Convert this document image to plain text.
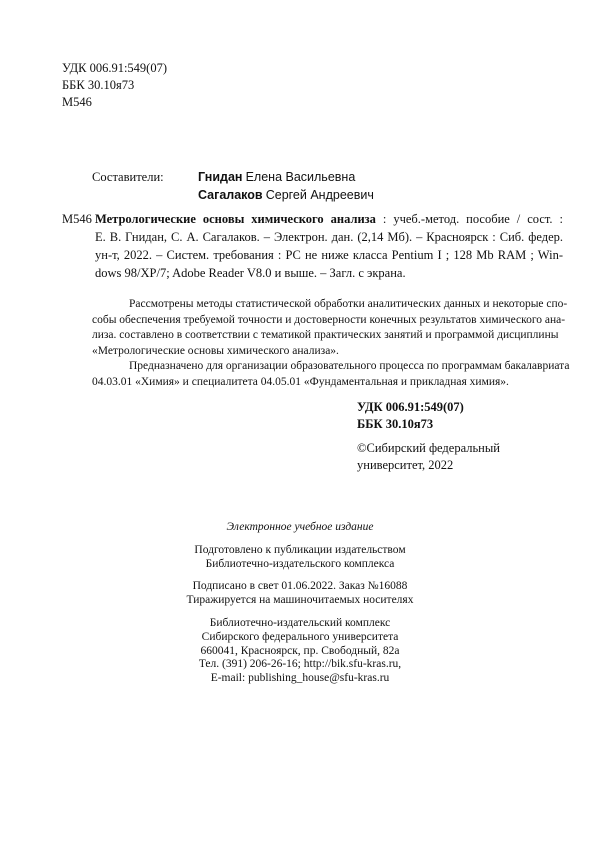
УДК 006.91:549(07)
ББК 30.10я73
М546
Составители:	Гнидан Елена Васильевна
Сагалаков Сергей Андреевич
М546 Метрологические основы химического анализа : учеб.-метод. пособие / сост. :
Е. В. Гнидан, С. А. Сагалаков. – Электрон. дан. (2,14 Мб). – Красноярск : Сиб. федер.
ун-т, 2022. – Систем. требования : PC не ниже класса Pentium I ; 128 Mb RAM ; Win-
dows 98/XP/7; Adobe Reader V8.0 и выше. – Загл. с экрана.
Рассмотрены методы статистической обработки аналитических данных и некоторые спо-
собы обеспечения требуемой точности и достоверности конечных результатов химического ана-
лиза. составлено в соответствии с тематикой практических занятий и программой дисциплины
«Метрологические основы химического анализа».
Предназначено для организации образовательного процесса по программам бакалавриата
04.03.01 «Химия» и специалитета 04.05.01 «Фундаментальная и прикладная химия».
УДК 006.91:549(07)
ББК 30.10я73
©Сибирский федеральный
университет, 2022
Электронное учебное издание
Подготовлено к публикации издательством
Библиотечно-издательского комплекса
Подписано в свет 01.06.2022. Заказ №16088
Тиражируется на машиночитаемых носителях
Библиотечно-издательский комплекс
Сибирского федерального университета
660041, Красноярск, пр. Свободный, 82а
Тел. (391) 206-26-16; http://bik.sfu-kras.ru,
E-mail: publishing_house@sfu-kras.ru
